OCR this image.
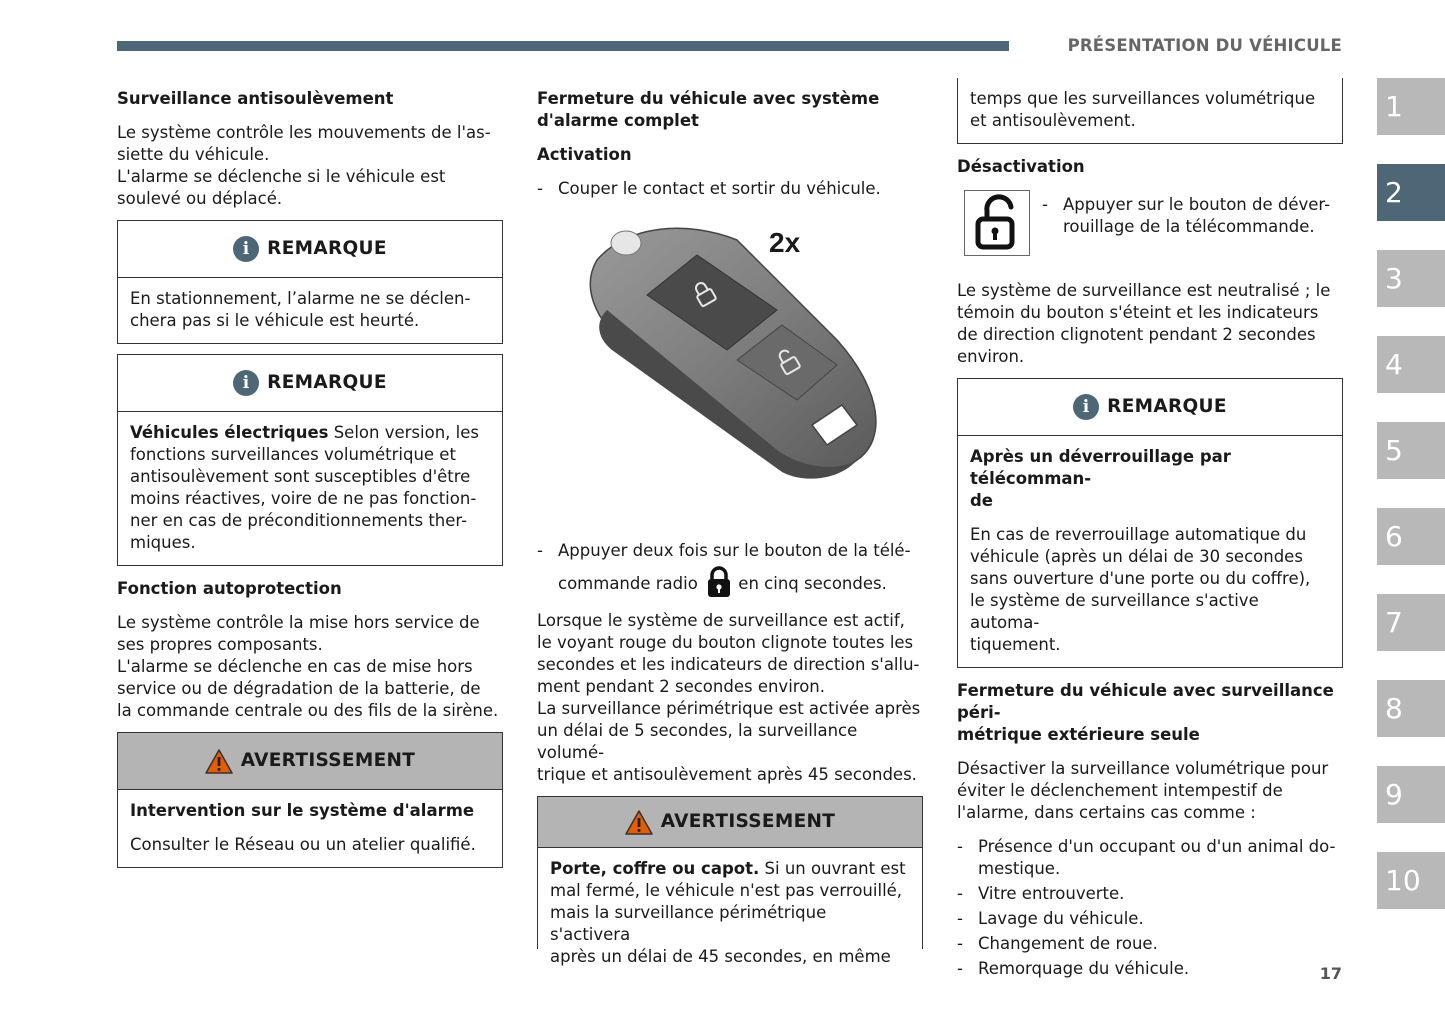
PRÉSENTATION DU VÉHICULE
1
2
3
4
5
6
7
8
9
10

Surveillance antisoulèvement

Le système contrôle les mouvements de l'as-

siette du véhicule.

L'alarme se déclenche si le véhicule est

soulevé ou déplacé.

i REMARQUE

En stationnement, l’alarme ne se déclen-

chera pas si le véhicule est heurté.

i REMARQUE

Véhicules électriques Selon version, les

fonctions surveillances volumétrique et

antisoulèvement sont susceptibles d'être

moins réactives, voire de ne pas fonction-

ner en cas de préconditionnements ther-

miques.

Fonction autoprotection

Le système contrôle la mise hors service de

ses propres composants.

L'alarme se déclenche en cas de mise hors

service ou de dégradation de la batterie, de

la commande centrale ou des fils de la sirène.

AVERTISSEMENT

Intervention sur le système d'alarme

Consulter le Réseau ou un atelier qualifié.

Fermeture du véhicule avec système

d'alarme complet

Activation

- Couper le contact et sortir du véhicule.

2x

- Appuyer deux fois sur le bouton de la télé-

commande radio  en cinq secondes.

Lorsque le système de surveillance est actif,

le voyant rouge du bouton clignote toutes les

secondes et les indicateurs de direction s'allu-

ment pendant 2 secondes environ.

La surveillance périmétrique est activée après

un délai de 5 secondes, la surveillance volumé-

trique et antisoulèvement après 45 secondes.

AVERTISSEMENT

Porte, coffre ou capot. Si un ouvrant est

mal fermé, le véhicule n'est pas verrouillé,

mais la surveillance périmétrique s'activera

après un délai de 45 secondes, en même

temps que les surveillances volumétrique

et antisoulèvement.

Désactivation

- Appuyer sur le bouton de déver-

rouillage de la télécommande.

Le système de surveillance est neutralisé ; le

témoin du bouton s'éteint et les indicateurs

de direction clignotent pendant 2 secondes

environ.

i REMARQUE

Après un déverrouillage par télécomman-

de

En cas de reverrouillage automatique du

véhicule (après un délai de 30 secondes

sans ouverture d'une porte ou du coffre),

le système de surveillance s'active automa-

tiquement.

Fermeture du véhicule avec surveillance péri-

métrique extérieure seule

Désactiver la surveillance volumétrique pour

éviter le déclenchement intempestif de

l'alarme, dans certains cas comme :

- Présence d'un occupant ou d'un animal do-

mestique.

- Vitre entrouverte.

- Lavage du véhicule.

- Changement de roue.

- Remorquage du véhicule.	17
